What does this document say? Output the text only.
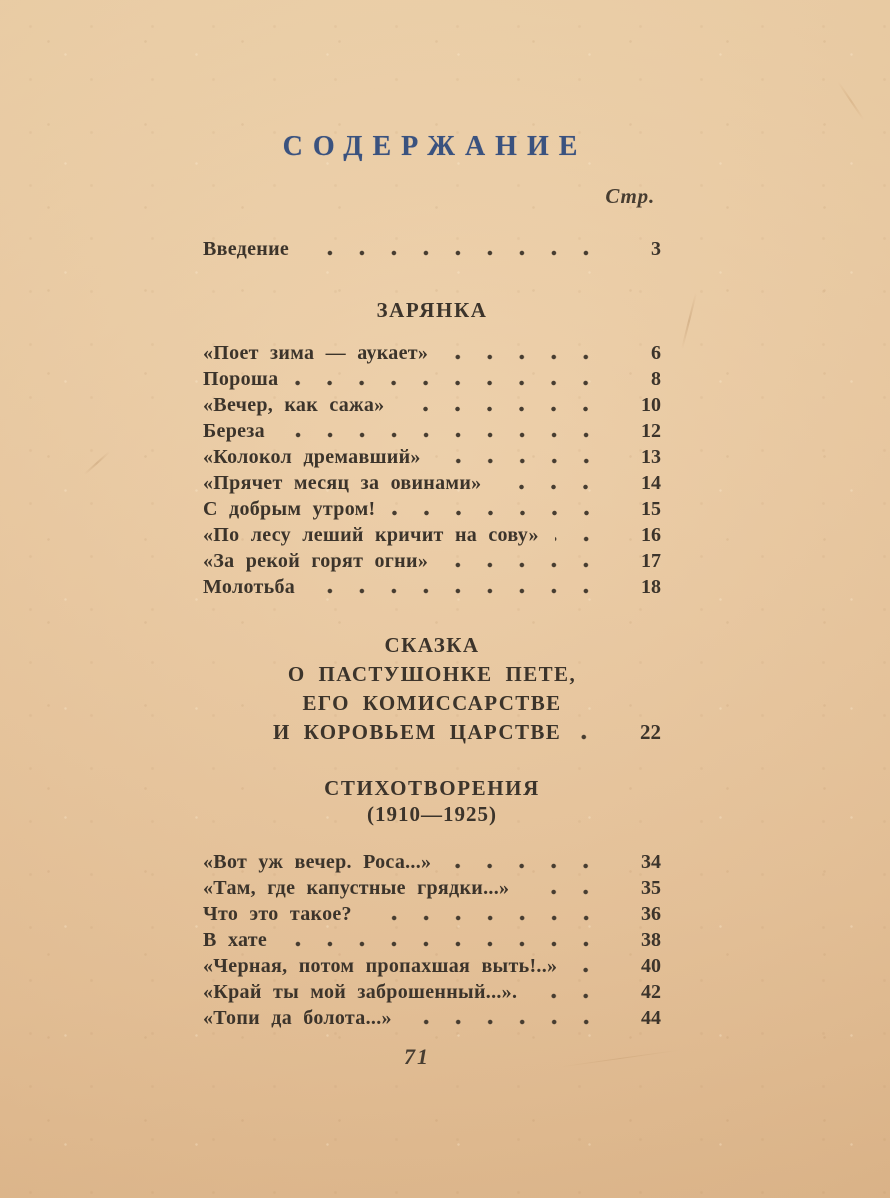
СОДЕРЖАНИЕ
Стр.
Введение	3
ЗАРЯНКА
«Поет зима — аукает»	6
Пороша	8
«Вечер, как сажа»	10
Береза	12
«Колокол дремавший»	13
«Прячет месяц за овинами»	14
С добрым утром!	15
«По лесу леший кричит на сову»	16
«За рекой горят огни»	17
Молотьба	18
СКАЗКА
О ПАСТУШОНКЕ ПЕТЕ,
ЕГО КОМИССАРСТВЕ
И КОРОВЬЕМ ЦАРСТВЕ	22
СТИХОТВОРЕНИЯ
(1910—1925)
«Вот уж вечер. Роса...»	34
«Там, где капустные грядки...»	35
Что это такое?	36
В хате	38
«Черная, потом пропахшая выть!..»	40
«Край ты мой заброшенный...».	42
«Топи да болота...»	44
71
